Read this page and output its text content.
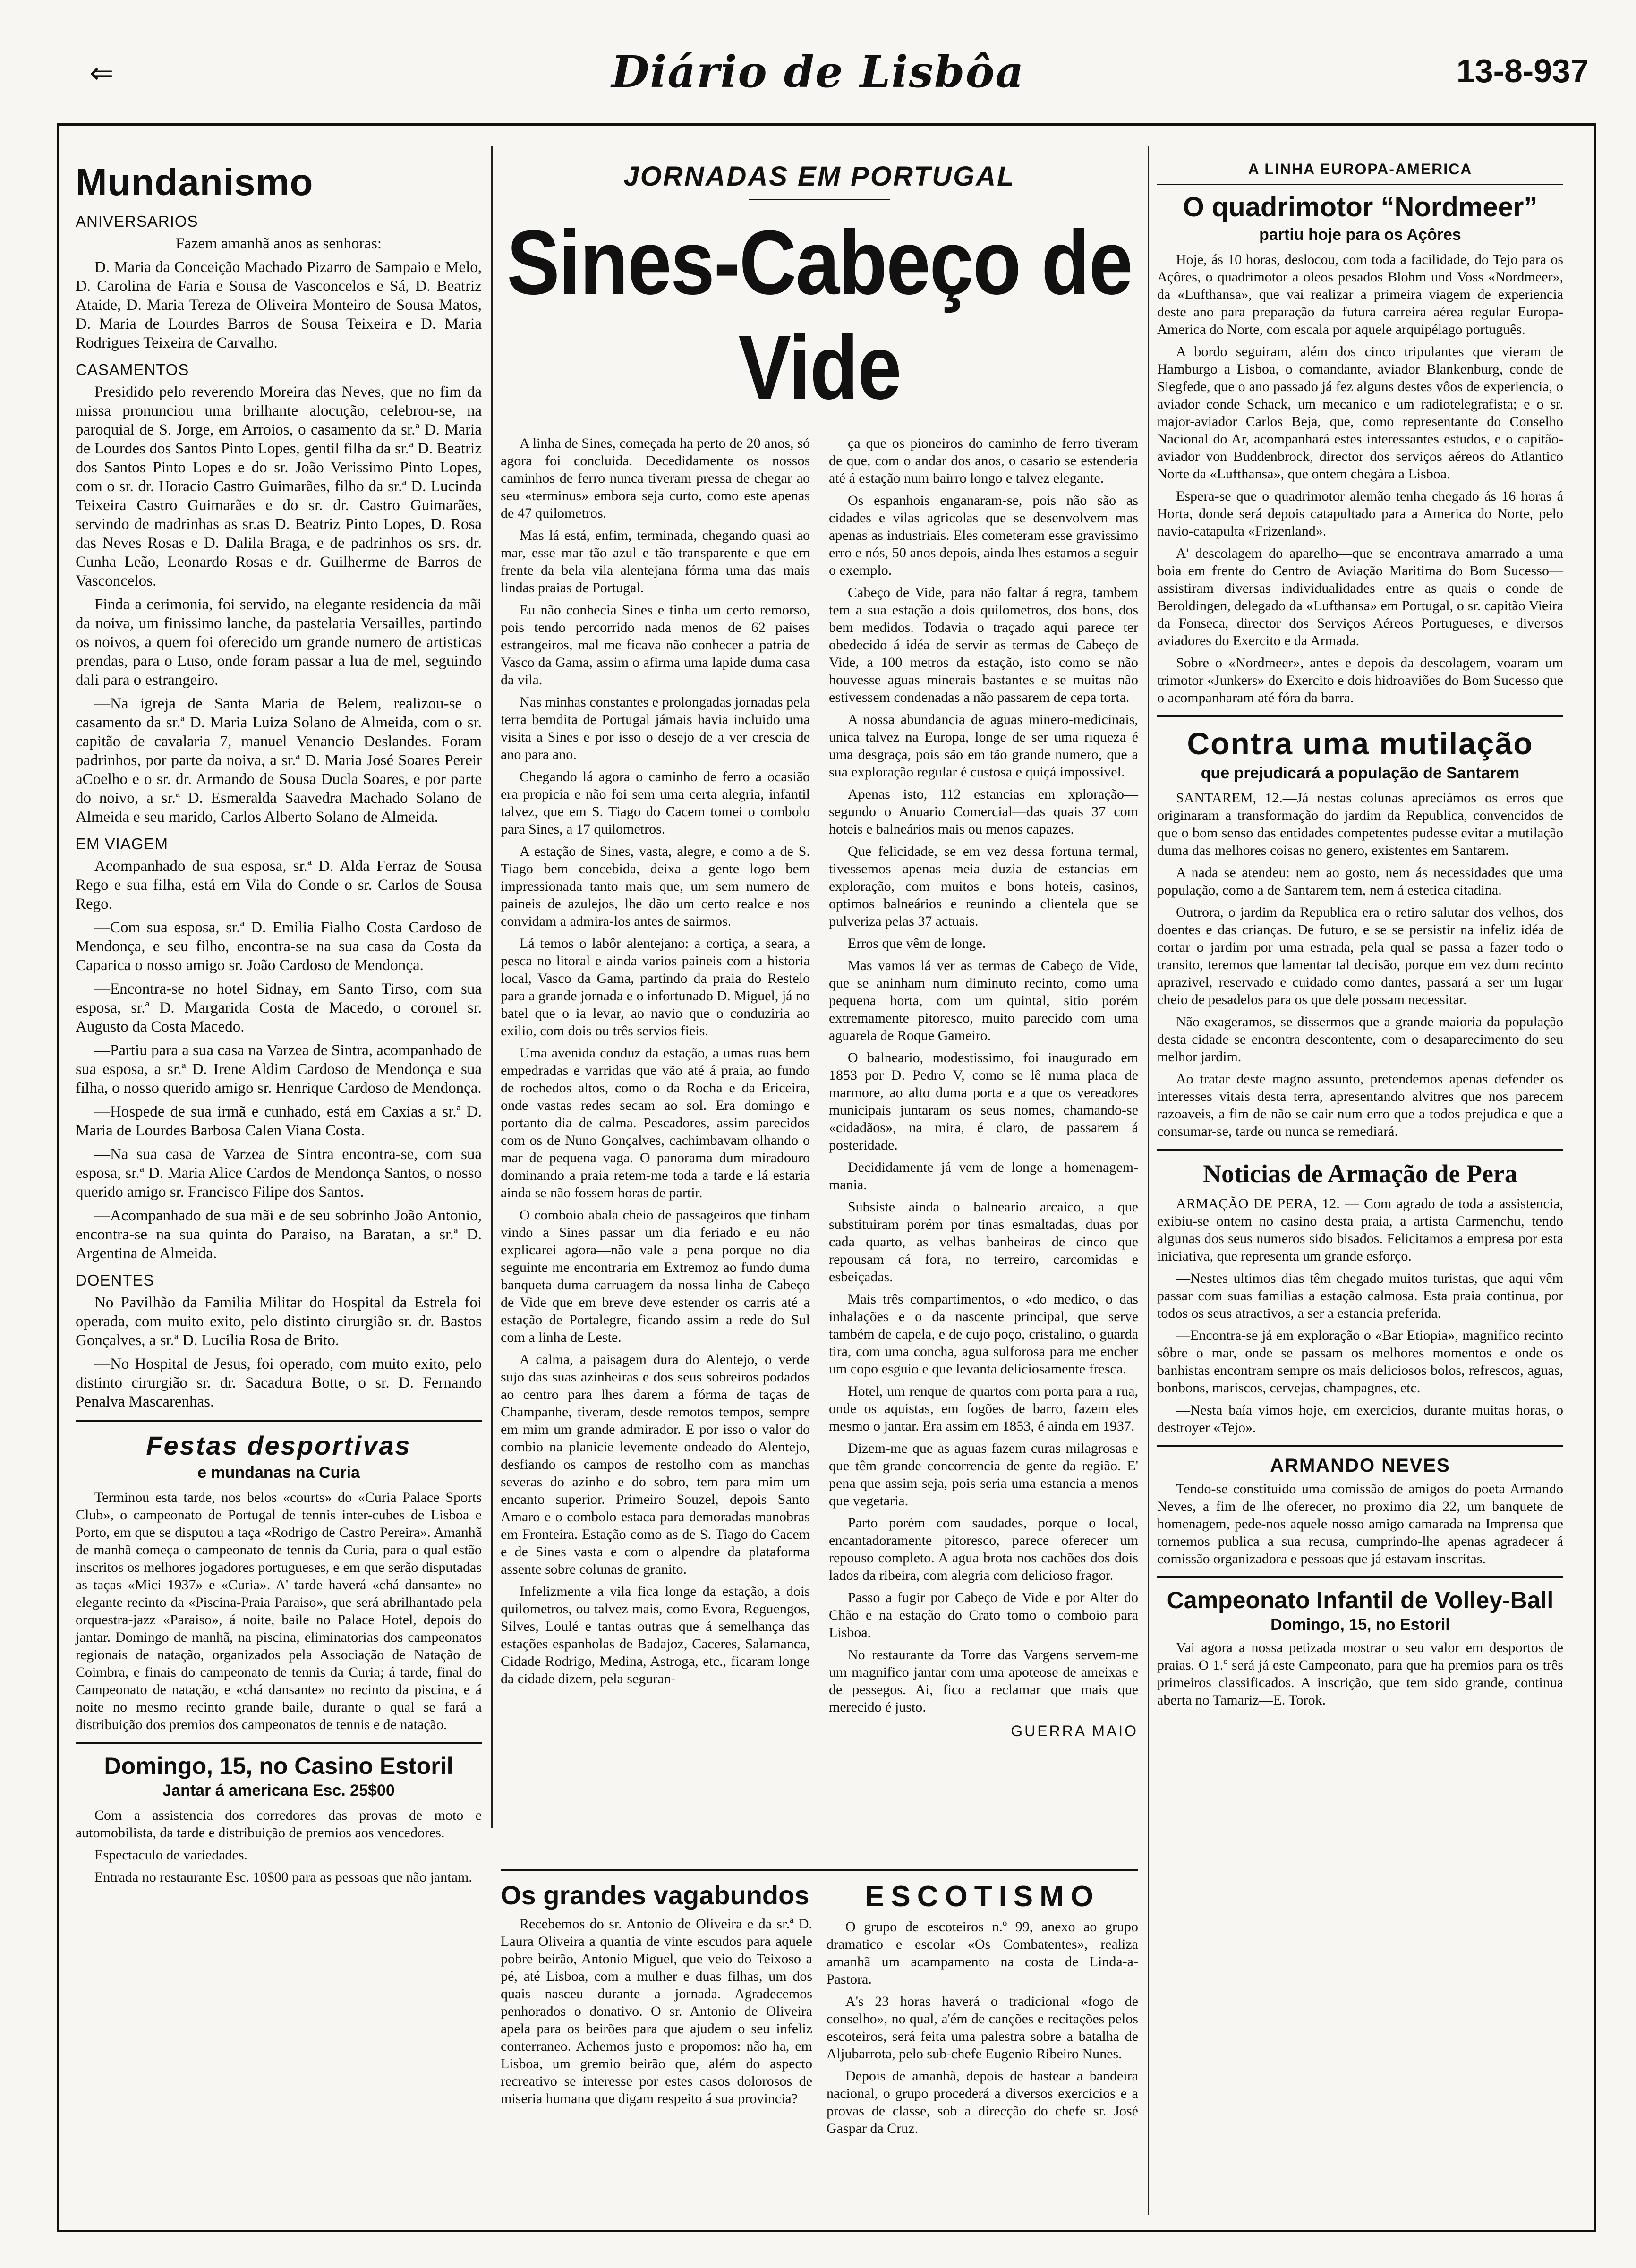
⇐	Diário de Lisbôa	13-8-937
Mundanismo
ANIVERSARIOS

Fazem amanhã anos as senhoras:

D. Maria da Conceição Machado Pizarro de Sampaio e Melo, D. Carolina de Faria e Sousa de Vasconcelos e Sá, D. Beatriz Ataide, D. Maria Tereza de Oliveira Monteiro de Sousa Matos, D. Maria de Lourdes Barros de Sousa Teixeira e D. Maria Rodrigues Teixeira de Carvalho.

CASAMENTOS

Presidido pelo reverendo Moreira das Neves, que no fim da missa pronunciou uma brilhante alocução, celebrou-se, na paroquial de S. Jorge, em Arroios, o casamento da sr.ª D. Maria de Lourdes dos Santos Pinto Lopes, gentil filha da sr.ª D. Beatriz dos Santos Pinto Lopes e do sr. João Verissimo Pinto Lopes, com o sr. dr. Horacio Castro Guimarães, filho da sr.ª D. Lucinda Teixeira Castro Guimarães e do sr. dr. Castro Guimarães, servindo de madrinhas as sr.as D. Beatriz Pinto Lopes, D. Rosa das Neves Rosas e D. Dalila Braga, e de padrinhos os srs. dr. Cunha Leão, Leonardo Rosas e dr. Guilherme de Barros de Vasconcelos.

Finda a cerimonia, foi servido, na elegante residencia da mãi da noiva, um finissimo lanche, da pastelaria Versailles, partindo os noivos, a quem foi oferecido um grande numero de artisticas prendas, para o Luso, onde foram passar a lua de mel, seguindo dali para o estrangeiro.

—Na igreja de Santa Maria de Belem, realizou-se o casamento da sr.ª D. Maria Luiza Solano de Almeida, com o sr. capitão de cavalaria 7, manuel Venancio Deslandes. Foram padrinhos, por parte da noiva, a sr.ª D. Maria José Soares Pereir aCoelho e o sr. dr. Armando de Sousa Ducla Soares, e por parte do noivo, a sr.ª D. Esmeralda Saavedra Machado Solano de Almeida e seu marido, Carlos Alberto Solano de Almeida.

EM VIAGEM

Acompanhado de sua esposa, sr.ª D. Alda Ferraz de Sousa Rego e sua filha, está em Vila do Conde o sr. Carlos de Sousa Rego.

—Com sua esposa, sr.ª D. Emilia Fialho Costa Cardoso de Mendonça, e seu filho, encontra-se na sua casa da Costa da Caparica o nosso amigo sr. João Cardoso de Mendonça.

—Encontra-se no hotel Sidnay, em Santo Tirso, com sua esposa, sr.ª D. Margarida Costa de Macedo, o coronel sr. Augusto da Costa Macedo.

—Partiu para a sua casa na Varzea de Sintra, acompanhado de sua esposa, a sr.ª D. Irene Aldim Cardoso de Mendonça e sua filha, o nosso querido amigo sr. Henrique Cardoso de Mendonça.

—Hospede de sua irmã e cunhado, está em Caxias a sr.ª D. Maria de Lourdes Barbosa Calen Viana Costa.

—Na sua casa de Varzea de Sintra encontra-se, com sua esposa, sr.ª D. Maria Alice Cardos de Mendonça Santos, o nosso querido amigo sr. Francisco Filipe dos Santos.

—Acompanhado de sua mãi e de seu sobrinho João Antonio, encontra-se na sua quinta do Paraiso, na Baratan, a sr.ª D. Argentina de Almeida.

DOENTES

No Pavilhão da Familia Militar do Hospital da Estrela foi operada, com muito exito, pelo distinto cirurgião sr. dr. Bastos Gonçalves, a sr.ª D. Lucilia Rosa de Brito.

—No Hospital de Jesus, foi operado, com muito exito, pelo distinto cirurgião sr. dr. Sacadura Botte, o sr. D. Fernando Penalva Mascarenhas.

Festas desportivas
e mundanas na Curia

Terminou esta tarde, nos belos «courts» do «Curia Palace Sports Club», o campeonato de Portugal de tennis inter-cubes de Lisboa e Porto, em que se disputou a taça «Rodrigo de Castro Pereira». Amanhã de manhã começa o campeonato de tennis da Curia, para o qual estão inscritos os melhores jogadores portugueses, e em que serão disputadas as taças «Mici 1937» e «Curia». A' tarde haverá «chá dansante» no elegante recinto da «Piscina-Praia Paraiso», que será abrilhantado pela orquestra-jazz «Paraiso», á noite, baile no Palace Hotel, depois do jantar. Domingo de manhã, na piscina, eliminatorias dos campeonatos regionais de natação, organizados pela Associação de Natação de Coimbra, e finais do campeonato de tennis da Curia; á tarde, final do Campeonato de natação, e «chá dansante» no recinto da piscina, e á noite no mesmo recinto grande baile, durante o qual se fará a distribuição dos premios dos campeonatos de tennis e de natação.

Domingo, 15, no Casino Estoril
Jantar á americana Esc. 25$00

Com a assistencia dos corredores das provas de moto e automobilista, da tarde e distribuição de premios aos vencedores.

Espectaculo de variedades.

Entrada no restaurante Esc. 10$00 para as pessoas que não jantam.

JORNADAS EM PORTUGAL
Sines-Cabeço de Vide

A linha de Sines, começada ha perto de 20 anos, só agora foi concluida. Decedidamente os nossos caminhos de ferro nunca tiveram pressa de chegar ao seu «terminus» embora seja curto, como este apenas de 47 quilometros.

Mas lá está, enfim, terminada, chegando quasi ao mar, esse mar tão azul e tão transparente e que em frente da bela vila alentejana fórma uma das mais lindas praias de Portugal.

Eu não conhecia Sines e tinha um certo remorso, pois tendo percorrido nada menos de 62 paises estrangeiros, mal me ficava não conhecer a patria de Vasco da Gama, assim o afirma uma lapide duma casa da vila.

Nas minhas constantes e prolongadas jornadas pela terra bemdita de Portugal jámais havia incluido uma visita a Sines e por isso o desejo de a ver crescia de ano para ano.

Chegando lá agora o caminho de ferro a ocasião era propicia e não foi sem uma certa alegria, infantil talvez, que em S. Tiago do Cacem tomei o combolo para Sines, a 17 quilometros.

A estação de Sines, vasta, alegre, e como a de S. Tiago bem concebida, deixa a gente logo bem impressionada tanto mais que, um sem numero de paineis de azulejos, lhe dão um certo realce e nos convidam a admira-los antes de sairmos.

Lá temos o labôr alentejano: a cortiça, a seara, a pesca no litoral e ainda varios paineis com a historia local, Vasco da Gama, partindo da praia do Restelo para a grande jornada e o infortunado D. Miguel, já no batel que o ia levar, ao navio que o conduziria ao exilio, com dois ou três servios fieis.

Uma avenida conduz da estação, a umas ruas bem empedradas e varridas que vão até á praia, ao fundo de rochedos altos, como o da Rocha e da Ericeira, onde vastas redes secam ao sol. Era domingo e portanto dia de calma. Pescadores, assim parecidos com os de Nuno Gonçalves, cachimbavam olhando o mar de pequena vaga. O panorama dum miradouro dominando a praia retem-me toda a tarde e lá estaria ainda se não fossem horas de partir.

O comboio abala cheio de passageiros que tinham vindo a Sines passar um dia feriado e eu não explicarei agora—não vale a pena porque no dia seguinte me encontraria em Extremoz ao fundo duma banqueta duma carruagem da nossa linha de Cabeço de Vide que em breve deve estender os carris até a estação de Portalegre, ficando assim a rede do Sul com a linha de Leste.

A calma, a paisagem dura do Alentejo, o verde sujo das suas azinheiras e dos seus sobreiros podados ao centro para lhes darem a fórma de taças de Champanhe, tiveram, desde remotos tempos, sempre em mim um grande admirador. E por isso o valor do combio na planicie levemente ondeado do Alentejo, desfiando os campos de restolho com as manchas severas do azinho e do sobro, tem para mim um encanto superior. Primeiro Souzel, depois Santo Amaro e o combolo estaca para demoradas manobras em Fronteira. Estação como as de S. Tiago do Cacem e de Sines vasta e com o alpendre da plataforma assente sobre colunas de granito.

Infelizmente a vila fica longe da estação, a dois quilometros, ou talvez mais, como Evora, Reguengos, Silves, Loulé e tantas outras que á semelhança das estações espanholas de Badajoz, Caceres, Salamanca, Cidade Rodrigo, Medina, Astroga, etc., ficaram longe da cidade dizem, pela seguran-

ça que os pioneiros do caminho de ferro tiveram de que, com o andar dos anos, o casario se estenderia até á estação num bairro longo e talvez elegante.

Os espanhois enganaram-se, pois não são as cidades e vilas agricolas que se desenvolvem mas apenas as industriais. Eles cometeram esse gravissimo erro e nós, 50 anos depois, ainda lhes estamos a seguir o exemplo.

Cabeço de Vide, para não faltar á regra, tambem tem a sua estação a dois quilometros, dos bons, dos bem medidos. Todavia o traçado aqui parece ter obedecido á idéa de servir as termas de Cabeço de Vide, a 100 metros da estação, isto como se não houvesse aguas minerais bastantes e se muitas não estivessem condenadas a não passarem de cepa torta.

A nossa abundancia de aguas minero-medicinais, unica talvez na Europa, longe de ser uma riqueza é uma desgraça, pois são em tão grande numero, que a sua exploração regular é custosa e quiçá impossivel.

Apenas isto, 112 estancias em xploração—segundo o Anuario Comercial—das quais 37 com hoteis e balneários mais ou menos capazes.

Que felicidade, se em vez dessa fortuna termal, tivessemos apenas meia duzia de estancias em exploração, com muitos e bons hoteis, casinos, optimos balneários e reunindo a clientela que se pulveriza pelas 37 actuais.

Erros que vêm de longe.

Mas vamos lá ver as termas de Cabeço de Vide, que se aninham num diminuto recinto, como uma pequena horta, com um quintal, sitio porém extremamente pitoresco, muito parecido com uma aguarela de Roque Gameiro.

O balneario, modestissimo, foi inaugurado em 1853 por D. Pedro V, como se lê numa placa de marmore, ao alto duma porta e a que os vereadores municipais juntaram os seus nomes, chamando-se «cidadãos», na mira, é claro, de passarem á posteridade.

Decididamente já vem de longe a homenagem-mania.

Subsiste ainda o balneario arcaico, a que substituiram porém por tinas esmaltadas, duas por cada quarto, as velhas banheiras de cinco que repousam cá fora, no terreiro, carcomidas e esbeiçadas.

Mais três compartimentos, o «do medico, o das inhalações e o da nascente principal, que serve também de capela, e de cujo poço, cristalino, o guarda tira, com uma concha, agua sulforosa para me encher um copo esguio e que levanta deliciosamente fresca.

Hotel, um renque de quartos com porta para a rua, onde os aquistas, em fogões de barro, fazem eles mesmo o jantar. Era assim em 1853, é ainda em 1937.

Dizem-me que as aguas fazem curas milagrosas e que têm grande concorrencia de gente da região. E' pena que assim seja, pois seria uma estancia a menos que vegetaria.

Parto porém com saudades, porque o local, encantadoramente pitoresco, parece oferecer um repouso completo. A agua brota nos cachões dos dois lados da ribeira, com alegria com delicioso fragor.

Passo a fugir por Cabeço de Vide e por Alter do Chão e na estação do Crato tomo o comboio para Lisboa.

No restaurante da Torre das Vargens servem-me um magnifico jantar com uma apoteose de ameixas e de pessegos. Ai, fico a reclamar que mais que merecido é justo.

GUERRA MAIO
Os grandes vagabundos

Recebemos do sr. Antonio de Oliveira e da sr.ª D. Laura Oliveira a quantia de vinte escudos para aquele pobre beirão, Antonio Miguel, que veio do Teixoso a pé, até Lisboa, com a mulher e duas filhas, um dos quais nasceu durante a jornada. Agradecemos penhorados o donativo. O sr. Antonio de Oliveira apela para os beirões para que ajudem o seu infeliz conterraneo. Achemos justo e propomos: não ha, em Lisboa, um gremio beirão que, além do aspecto recreativo se interesse por estes casos dolorosos de miseria humana que digam respeito á sua provincia?

ESCOTISMO

O grupo de escoteiros n.º 99, anexo ao grupo dramatico e escolar «Os Combatentes», realiza amanhã um acampamento na costa de Linda-a-Pastora.

A's 23 horas haverá o tradicional «fogo de conselho», no qual, a'ém de canções e recitações pelos escoteiros, será feita uma palestra sobre a batalha de Aljubarrota, pelo sub-chefe Eugenio Ribeiro Nunes.

Depois de amanhã, depois de hastear a bandeira nacional, o grupo procederá a diversos exercicios e a provas de classe, sob a direcção do chefe sr. José Gaspar da Cruz.

A LINHA EUROPA-AMERICA
O quadrimotor “Nordmeer”
partiu hoje para os Açôres

Hoje, ás 10 horas, deslocou, com toda a facilidade, do Tejo para os Açôres, o quadrimotor a oleos pesados Blohm und Voss «Nordmeer», da «Lufthansa», que vai realizar a primeira viagem de experiencia deste ano para preparação da futura carreira aérea regular Europa-America do Norte, com escala por aquele arquipélago português.

A bordo seguiram, além dos cinco tripulantes que vieram de Hamburgo a Lisboa, o comandante, aviador Blankenburg, conde de Siegfede, que o ano passado já fez alguns destes vôos de experiencia, o aviador conde Schack, um mecanico e um radiotelegrafista; e o sr. major-aviador Carlos Beja, que, como representante do Conselho Nacional do Ar, acompanhará estes interessantes estudos, e o capitão-aviador von Buddenbrock, director dos serviços aéreos do Atlantico Norte da «Lufthansa», que ontem chegára a Lisboa.

Espera-se que o quadrimotor alemão tenha chegado ás 16 horas á Horta, donde será depois catapultado para a America do Norte, pelo navio-catapulta «Frizenland».

A' descolagem do aparelho—que se encontrava amarrado a uma boia em frente do Centro de Aviação Maritima do Bom Sucesso—assistiram diversas individualidades entre as quais o conde de Beroldingen, delegado da «Lufthansa» em Portugal, o sr. capitão Vieira da Fonseca, director dos Serviços Aéreos Portugueses, e diversos aviadores do Exercito e da Armada.

Sobre o «Nordmeer», antes e depois da descolagem, voaram um trimotor «Junkers» do Exercito e dois hidroaviões do Bom Sucesso que o acompanharam até fóra da barra.

Contra uma mutilação
que prejudicará a população de Santarem

SANTAREM, 12.—Já nestas colunas apreciámos os erros que originaram a transformação do jardim da Republica, convencidos de que o bom senso das entidades competentes pudesse evitar a mutilação duma das melhores coisas no genero, existentes em Santarem.

A nada se atendeu: nem ao gosto, nem ás necessidades que uma população, como a de Santarem tem, nem á estetica citadina.

Outrora, o jardim da Republica era o retiro salutar dos velhos, dos doentes e das crianças. De futuro, e se se persistir na infeliz idéa de cortar o jardim por uma estrada, pela qual se passa a fazer todo o transito, teremos que lamentar tal decisão, porque em vez dum recinto aprazivel, reservado e cuidado como dantes, passará a ser um lugar cheio de pesadelos para os que dele possam necessitar.

Não exageramos, se dissermos que a grande maioria da população desta cidade se encontra descontente, com o desaparecimento do seu melhor jardim.

Ao tratar deste magno assunto, pretendemos apenas defender os interesses vitais desta terra, apresentando alvitres que nos parecem razoaveis, a fim de não se cair num erro que a todos prejudica e que a consumar-se, tarde ou nunca se remediará.

Noticias de Armação de Pera

ARMAÇÃO DE PERA, 12. — Com agrado de toda a assistencia, exibiu-se ontem no casino desta praia, a artista Carmenchu, tendo algunas dos seus numeros sido bisados. Felicitamos a empresa por esta iniciativa, que representa um grande esforço.

—Nestes ultimos dias têm chegado muitos turistas, que aqui vêm passar com suas familias a estação calmosa. Esta praia continua, por todos os seus atractivos, a ser a estancia preferida.

—Encontra-se já em exploração o «Bar Etiopia», magnifico recinto sôbre o mar, onde se passam os melhores momentos e onde os banhistas encontram sempre os mais deliciosos bolos, refrescos, aguas, bonbons, mariscos, cervejas, champagnes, etc.

—Nesta baía vimos hoje, em exercicios, durante muitas horas, o destroyer «Tejo».

ARMANDO NEVES

Tendo-se constituido uma comissão de amigos do poeta Armando Neves, a fim de lhe oferecer, no proximo dia 22, um banquete de homenagem, pede-nos aquele nosso amigo camarada na Imprensa que tornemos publica a sua recusa, cumprindo-lhe apenas agradecer á comissão organizadora e pessoas que já estavam inscritas.

Campeonato Infantil de Volley-Ball
Domingo, 15, no Estoril

Vai agora a nossa petizada mostrar o seu valor em desportos de praias. O 1.º será já este Campeonato, para que ha premios para os três primeiros classificados. A inscrição, que tem sido grande, continua aberta no Tamariz—E. Torok.
